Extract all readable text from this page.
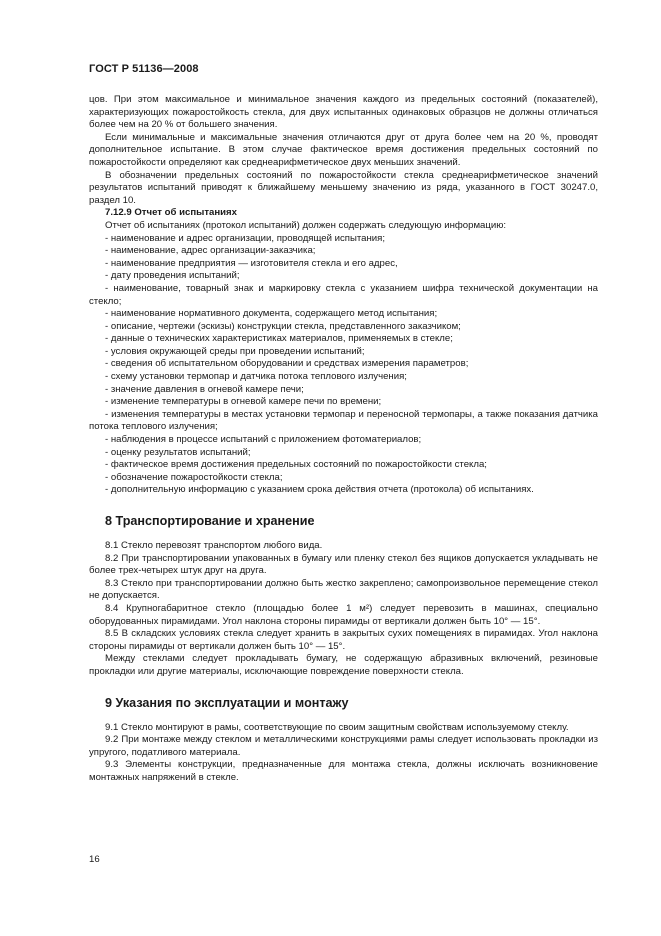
ГОСТ Р 51136—2008

цов. При этом максимальное и минимальное значения каждого из предельных состояний (показателей), характеризующих пожаростойкость стекла, для двух испытанных одинаковых образцов не должны отличаться более чем на 20 % от большего значения.

Если минимальные и максимальные значения отличаются друг от друга более чем на 20 %, проводят дополнительное испытание. В этом случае фактическое время достижения предельных состояний по пожаростойкости определяют как среднеарифметическое двух меньших значений.

В обозначении предельных состояний по пожаростойкости стекла среднеарифметическое значений результатов испытаний приводят к ближайшему меньшему значению из ряда, указанного в ГОСТ 30247.0, раздел 10.

7.12.9 Отчет об испытаниях

Отчет об испытаниях (протокол испытаний) должен содержать следующую информацию:

- наименование и адрес организации, проводящей испытания;

- наименование, адрес организации-заказчика;

- наименование предприятия — изготовителя стекла и его адрес,

- дату проведения испытаний;

- наименование, товарный знак и маркировку стекла с указанием шифра технической документации на стекло;

- наименование нормативного документа, содержащего метод испытания;

- описание, чертежи (эскизы) конструкции стекла, представленного заказчиком;

- данные о технических характеристиках материалов, применяемых в стекле;

- условия окружающей среды при проведении испытаний;

- сведения об испытательном оборудовании и средствах измерения параметров;

- схему установки термопар и датчика потока теплового излучения;

- значение давления в огневой камере печи;

- изменение температуры в огневой камере печи по времени;

- изменения температуры в местах установки термопар и переносной термопары, а также показания датчика потока теплового излучения;

- наблюдения в процессе испытаний с приложением фотоматериалов;

- оценку результатов испытаний;

- фактическое время достижения предельных состояний по пожаростойкости стекла;

- обозначение пожаростойкости стекла;

- дополнительную информацию с указанием срока действия отчета (протокола) об испытаниях.

8 Транспортирование и хранение

8.1 Стекло перевозят транспортом любого вида.

8.2 При транспортировании упакованных в бумагу или пленку стекол без ящиков допускается укладывать не более трех-четырех штук друг на друга.

8.3 Стекло при транспортировании должно быть жестко закреплено; самопроизвольное перемещение стекол не допускается.

8.4 Крупногабаритное стекло (площадью более 1 м²) следует перевозить в машинах, специально оборудованных пирамидами. Угол наклона стороны пирамиды от вертикали должен быть 10° — 15°.

8.5 В складских условиях стекла следует хранить в закрытых сухих помещениях в пирамидах. Угол наклона стороны пирамиды от вертикали должен быть 10° — 15°.

Между стеклами следует прокладывать бумагу, не содержащую абразивных включений, резиновые прокладки или другие материалы, исключающие повреждение поверхности стекла.

9 Указания по эксплуатации и монтажу

9.1 Стекло монтируют в рамы, соответствующие по своим защитным свойствам используемому стеклу.

9.2 При монтаже между стеклом и металлическими конструкциями рамы следует использовать прокладки из упругого, податливого материала.

9.3 Элементы конструкции, предназначенные для монтажа стекла, должны исключать возникновение монтажных напряжений в стекле.

16
